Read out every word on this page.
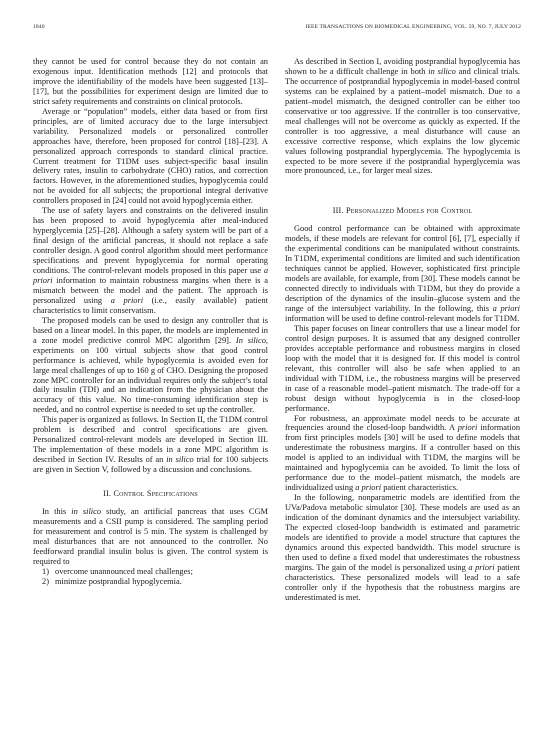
1840	IEEE TRANSACTIONS ON BIOMEDICAL ENGINEERING, VOL. 59, NO. 7, JULY 2012

they cannot be used for control because they do not contain an exogenous input. Identification methods [12] and protocols that improve the identifiability of the models have been suggested [13]–[17], but the possibilities for experiment design are limited due to strict safety requirements and constraints on clinical protocols.

Average or “population” models, either data based or from first principles, are of limited accuracy due to the large intersubject variability. Personalized models or personalized controller approaches have, therefore, been proposed for control [18]–[23]. A personalized approach corresponds to standard clinical practice. Current treatment for T1DM uses subject-specific basal insulin delivery rates, insulin to carbohydrate (CHO) ratios, and correction factors. However, in the aforementioned studies, hypoglycemia could not be avoided for all subjects; the proportional integral derivative controllers proposed in [24] could not avoid hypoglycemia either.

The use of safety layers and constraints on the delivered insulin has been proposed to avoid hypoglycemia after meal-induced hyperglycemia [25]–[28]. Although a safety system will be part of a final design of the artificial pancreas, it should not replace a safe controller design. A good control algorithm should meet performance specifications and prevent hypoglycemia for normal operating conditions. The control-relevant models proposed in this paper use a priori information to maintain robustness margins when there is a mismatch between the model and the patient. The approach is personalized using a priori (i.e., easily available) patient characteristics to limit conservatism.

The proposed models can be used to design any controller that is based on a linear model. In this paper, the models are implemented in a zone model predictive control MPC algorithm [29]. In silico, experiments on 100 virtual subjects show that good control performance is achieved, while hypoglycemia is avoided even for large meal challenges of up to 160 g of CHO. Designing the proposed zone MPC controller for an individual requires only the subject’s total daily insulin (TDI) and an indication from the physician about the accuracy of this value. No time-consuming identification step is needed, and no control expertise is needed to set up the controller.

This paper is organized as follows. In Section II, the T1DM control problem is described and control specifications are given. Personalized control-relevant models are developed in Section III. The implementation of these models in a zone MPC algorithm is described in Section IV. Results of an in silico trial for 100 subjects are given in Section V, followed by a discussion and conclusions.

II. Control Specifications

In this in silico study, an artificial pancreas that uses CGM measurements and a CSII pump is considered. The sampling period for measurement and control is 5 min. The system is challenged by meal disturbances that are not announced to the controller. No feedforward prandial insulin bolus is given. The control system is required to

1) overcome unannounced meal challenges;
2) minimize postprandial hypoglycemia.

As described in Section I, avoiding postprandial hypoglycemia has shown to be a difficult challenge in both in silico and clinical trials. The occurrence of postprandial hypoglycemia in model-based control systems can be explained by a patient–model mismatch. Due to a patient–model mismatch, the designed controller can be either too conservative or too aggressive. If the controller is too conservative, meal challenges will not be overcome as quickly as expected. If the controller is too aggressive, a meal disturbance will cause an excessive corrective response, which explains the low glycemic values following postprandial hyperglycemia. The hypoglycemia is expected to be more severe if the postprandial hyperglycemia was more pronounced, i.e., for larger meal sizes.

III. Personalized Models for Control

Good control performance can be obtained with approximate models, if these models are relevant for control [6], [7], especially if the experimental conditions can be manipulated without constraints. In T1DM, experimental conditions are limited and such identification techniques cannot be applied. However, sophisticated first principle models are available, for example, from [30]. These models cannot be connected directly to individuals with T1DM, but they do provide a description of the dynamics of the insulin–glucose system and the range of the intersubject variability. In the following, this a priori information will be used to define control-relevant models for T1DM.

This paper focuses on linear controllers that use a linear model for control design purposes. It is assumed that any designed controller provides acceptable performance and robustness margins in closed loop with the model that it is designed for. If this model is control relevant, this controller will also be safe when applied to an individual with T1DM, i.e., the robustness margins will be preserved in case of a reasonable model–patient mismatch. The trade-off for a robust design without hypoglycemia is in the closed-loop performance.

For robustness, an approximate model needs to be accurate at frequencies around the closed-loop bandwidth. A priori information from first principles models [30] will be used to define models that underestimate the robustness margins. If a controller based on this model is applied to an individual with T1DM, the margins will be maintained and hypoglycemia can be avoided. To limit the loss of performance due to the model–patient mismatch, the models are individualized using a priori patient characteristics.

In the following, nonparametric models are identified from the UVa/Padova metabolic simulator [30]. These models are used as an indication of the dominant dynamics and the intersubject variability. The expected closed-loop bandwidth is estimated and parametric models are identified to provide a model structure that captures the dynamics around this expected bandwidth. This model structure is then used to define a fixed model that underestimates the robustness margins. The gain of the model is personalized using a priori patient characteristics. These personalized models will lead to a safe controller only if the hypothesis that the robustness margins are underestimated is met.
